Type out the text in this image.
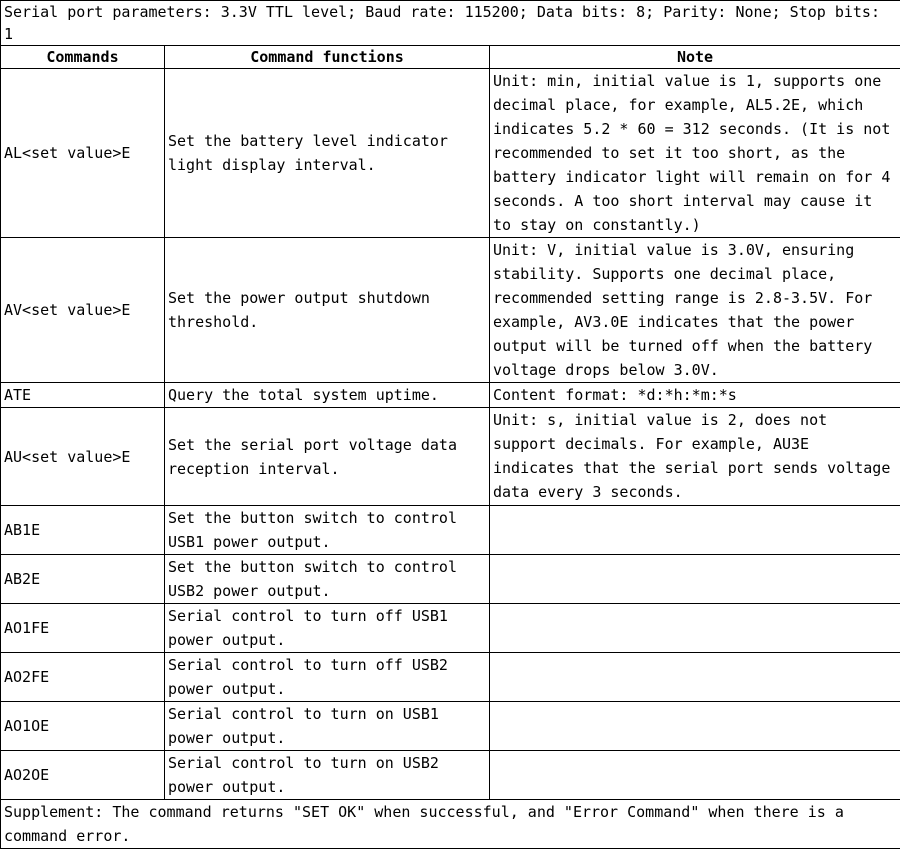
Serial port parameters: 3.3V TTL level; Baud rate: 115200; Data bits: 8; Parity: None; Stop bits: 1		
Commands	Command functions	Note
AL<set value>E	Set the battery level indicator light display interval.	Unit: min, initial value is 1, supports one decimal place, for example, AL5.2E, which indicates 5.2 * 60 = 312 seconds. (It is not recommended to set it too short, as the battery indicator light will remain on for 4 seconds. A too short interval may cause it to stay on constantly.)
AV<set value>E	Set the power output shutdown threshold.	Unit: V, initial value is 3.0V, ensuring stability. Supports one decimal place, recommended setting range is 2.8-3.5V. For example, AV3.0E indicates that the power output will be turned off when the battery voltage drops below 3.0V.
ATE	Query the total system uptime.	Content format: *d:*h:*m:*s
AU<set value>E	Set the serial port voltage data reception interval.	Unit: s, initial value is 2, does not support decimals. For example, AU3E indicates that the serial port sends voltage data every 3 seconds.
AB1E	Set the button switch to control USB1 power output.	
AB2E	Set the button switch to control USB2 power output.	
AO1FE	Serial control to turn off USB1 power output.	
AO2FE	Serial control to turn off USB2 power output.	
AO1OE	Serial control to turn on USB1 power output.	
AO2OE	Serial control to turn on USB2 power output.	
Supplement: The command returns "SET OK" when successful, and "Error Command" when there is a command error.		
